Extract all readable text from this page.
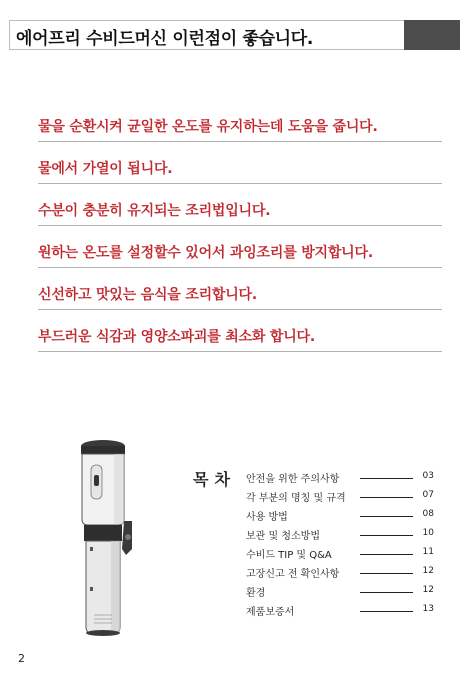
에어프리 수비드머신 이런점이 좋습니다.
물을 순환시켜 균일한 온도를 유지하는데 도움을 줍니다.
물에서 가열이 됩니다.
수분이 충분히 유지되는 조리법입니다.
원하는 온도를 설정할수 있어서 과잉조리를 방지합니다.
신선하고 맛있는 음식을 조리합니다.
부드러운 식감과 영양소파괴를 최소화 합니다.
목차 안전을 위한 주의사항	03
각 부분의 명칭 및 규격	07
사용 방법	08
보관 및 청소방법	10
수비드 TIP 및 Q&A	11
고장신고 전 확인사항	12
환경	12
제품보증서	13
2
